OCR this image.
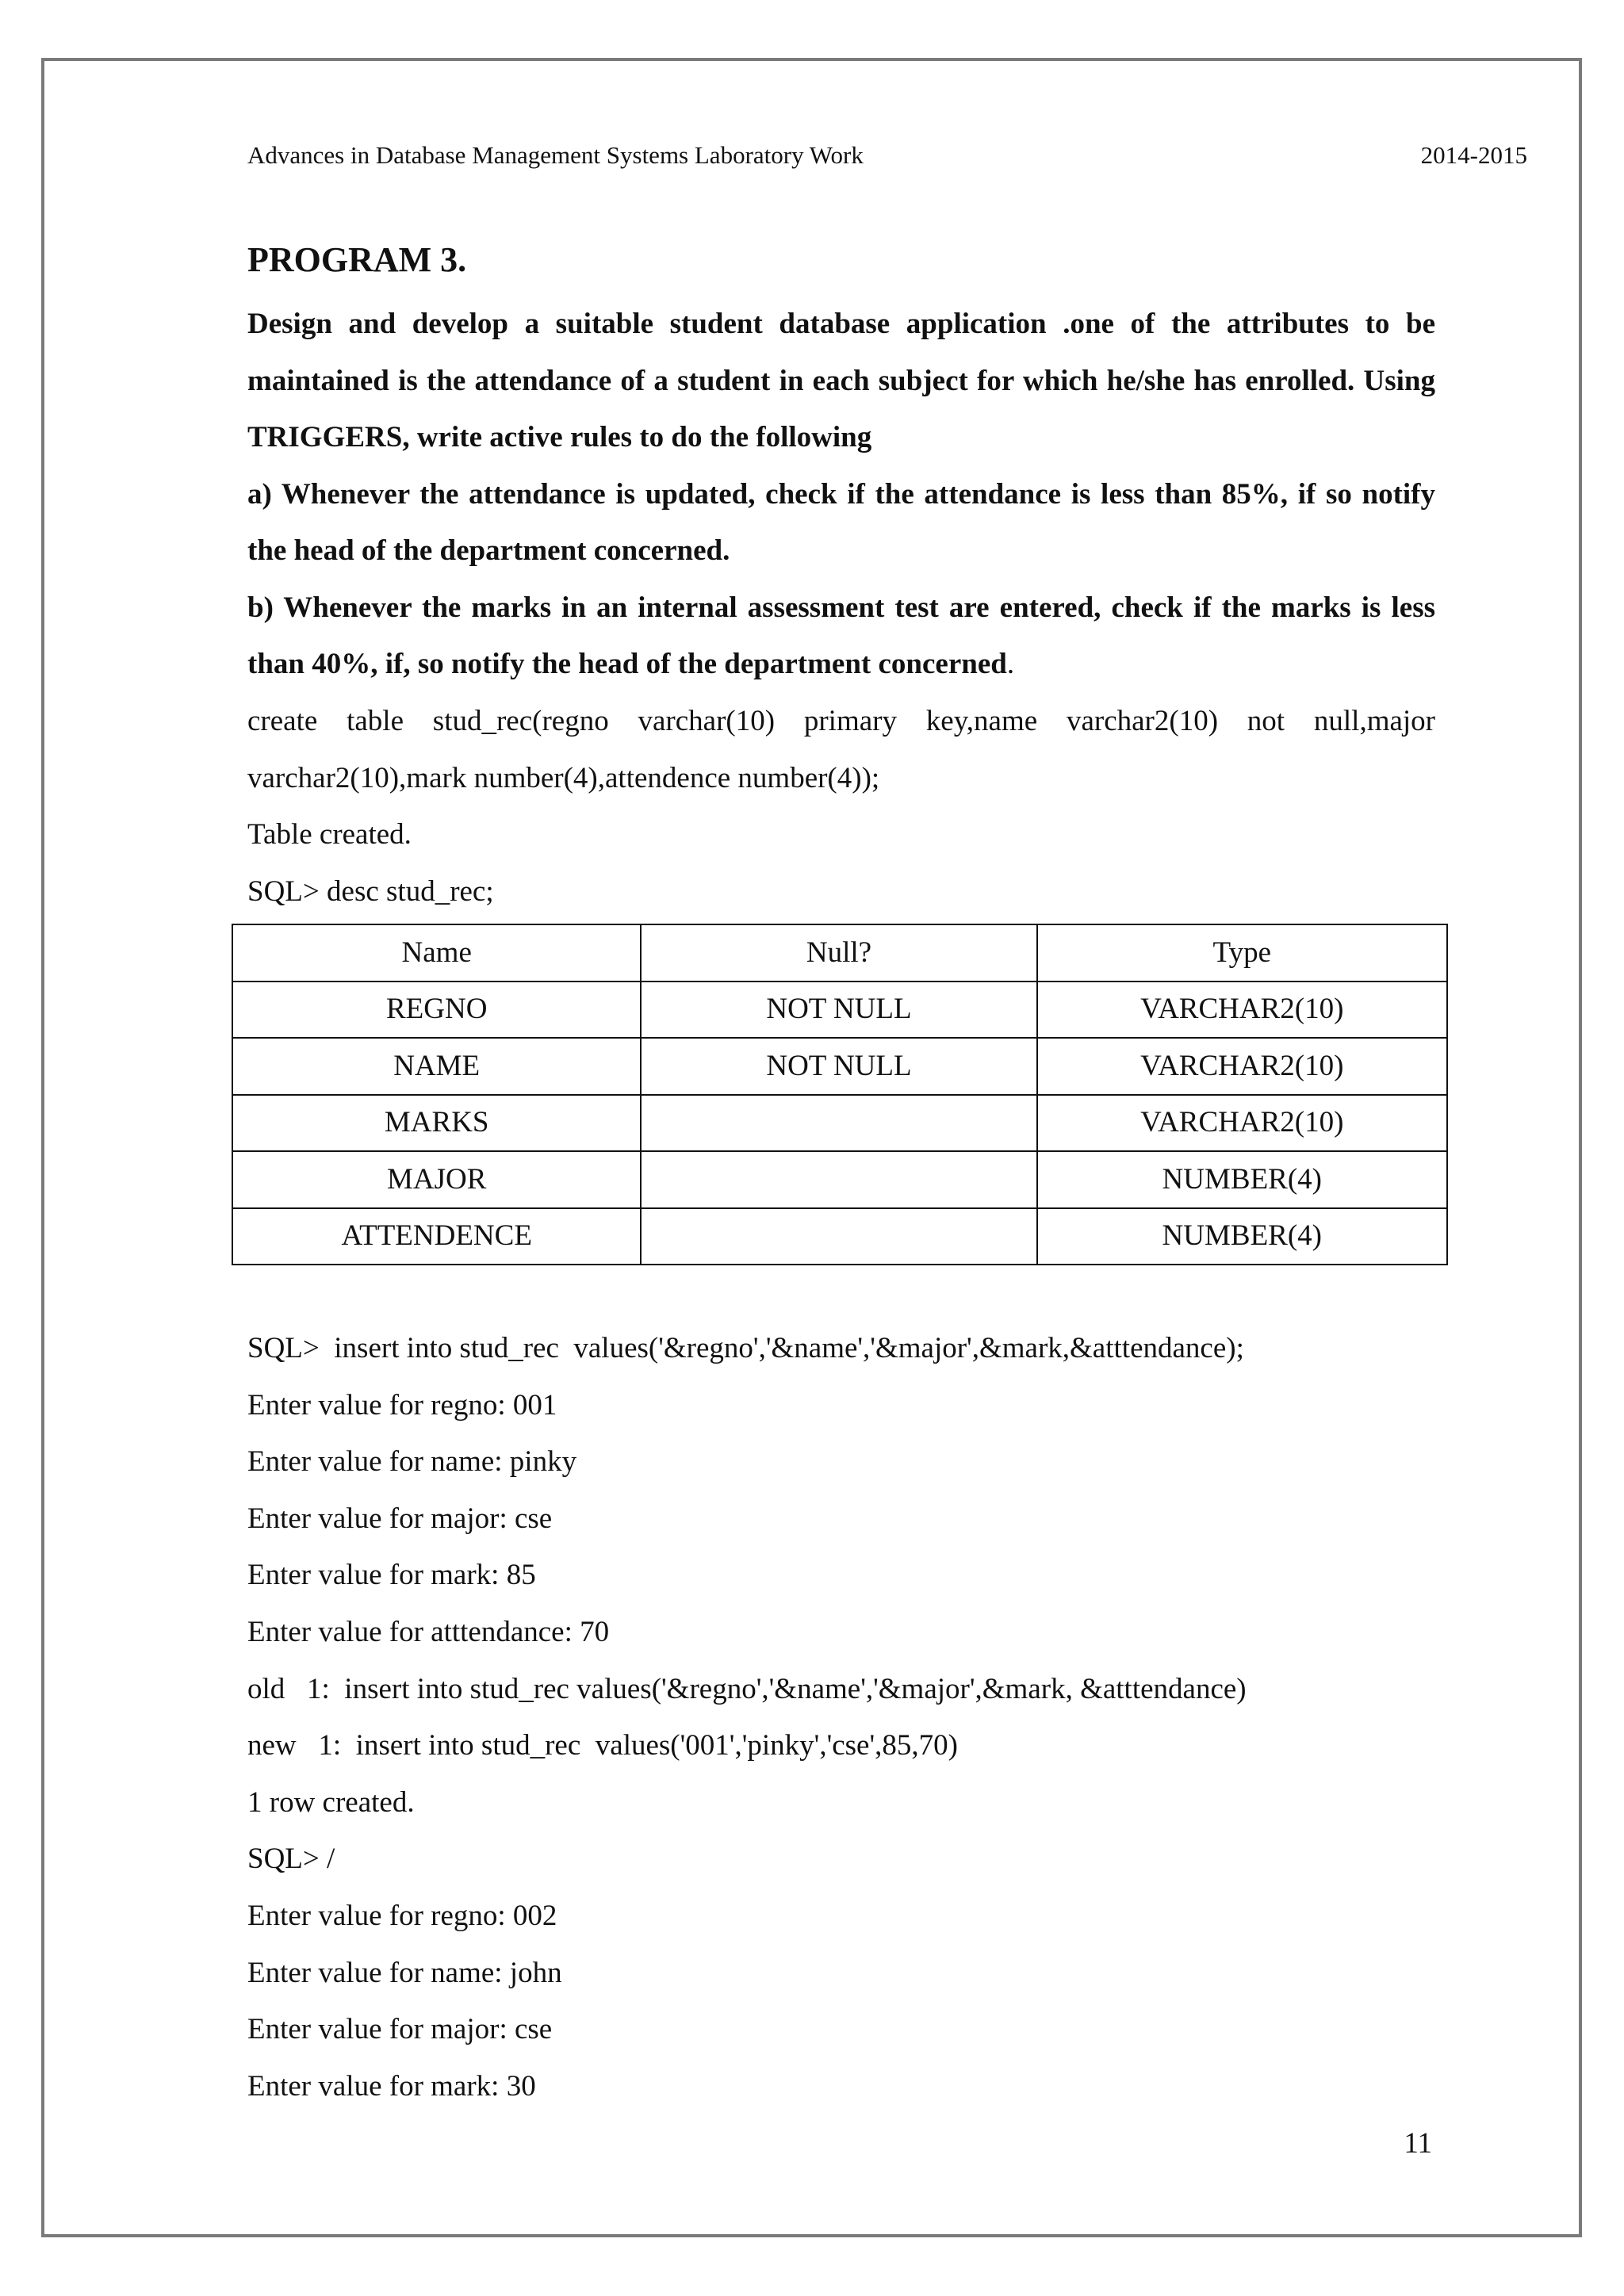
Advances in Database Management Systems Laboratory Work	2014-2015
PROGRAM 3.

Design and develop a suitable student database application .one of the attributes to be maintained is the attendance of a student in each subject for which he/she has enrolled. Using TRIGGERS, write active rules to do the following

a) Whenever the attendance is updated, check if the attendance is less than 85%, if so notify the head of the department concerned.

b) Whenever the marks in an internal assessment test are entered, check if the marks is less than 40%, if, so notify the head of the department concerned.

create table stud_rec(regno varchar(10) primary key,name varchar2(10) not null,major varchar2(10),mark number(4),attendence number(4));

Table created.

SQL> desc stud_rec;

Name	Null?	Type
REGNO	NOT NULL	VARCHAR2(10)
NAME	NOT NULL	VARCHAR2(10)
MARKS		VARCHAR2(10)
MAJOR		NUMBER(4)
ATTENDENCE		NUMBER(4)

SQL>  insert into stud_rec  values('&regno','&name','&major',&mark,&atttendance);

Enter value for regno: 001

Enter value for name: pinky

Enter value for major: cse

Enter value for mark: 85

Enter value for atttendance: 70

old   1:  insert into stud_rec values('&regno','&name','&major',&mark, &atttendance)

new   1:  insert into stud_rec  values('001','pinky','cse',85,70)

1 row created.

SQL> /

Enter value for regno: 002

Enter value for name: john

Enter value for major: cse

Enter value for mark: 30

11
